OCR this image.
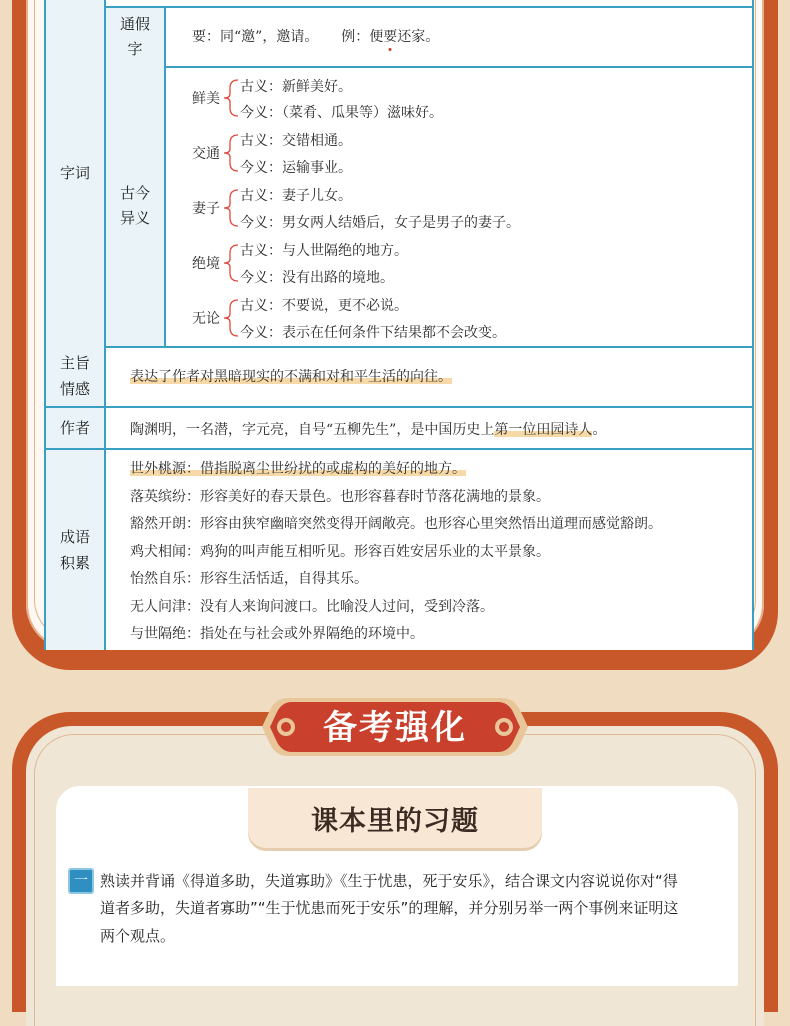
字词
通假字
要：同“邀”，邀请。 例：便要还家。
古今异义
鲜美
古义：新鲜美好。
今义：（菜肴、瓜果等）滋味好。
交通
古义：交错相通。
今义：运输事业。
妻子
古义：妻子儿女。
今义：男女两人结婚后，女子是男子的妻子。
绝境
古义：与人世隔绝的地方。
今义：没有出路的境地。
无论
古义：不要说，更不必说。
今义：表示在任何条件下结果都不会改变。
主旨情感
表达了作者对黑暗现实的不满和对和平生活的向往。
作者	陶渊明，一名潜，字元亮，自号“五柳先生”，是中国历史上第一位田园诗人。
成语积累
世外桃源：借指脱离尘世纷扰的或虚构的美好的地方。
落英缤纷：形容美好的春天景色。也形容暮春时节落花满地的景象。
豁然开朗：形容由狭窄幽暗突然变得开阔敞亮。也形容心里突然悟出道理而感觉豁朗。
鸡犬相闻：鸡狗的叫声能互相听见。形容百姓安居乐业的太平景象。
怡然自乐：形容生活恬适，自得其乐。
无人问津：没有人来询问渡口。比喻没人过问，受到冷落。
与世隔绝：指处在与社会或外界隔绝的环境中。
备考强化
课本里的习题
一 熟读并背诵《得道多助，失道寡助》《生于忧患，死于安乐》，结合课文内容说说你对“得
道者多助，失道者寡助”“生于忧患而死于安乐”的理解，并分别另举一两个事例来证明这
两个观点。
